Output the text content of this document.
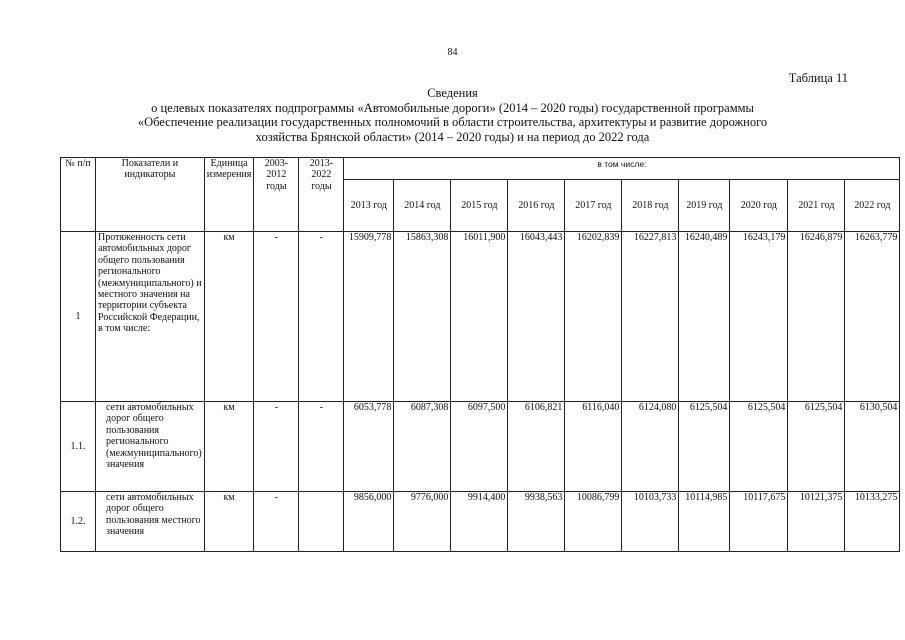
84
Таблица 11
Сведения
о целевых показателях подпрограммы «Автомобильные дороги» (2014 – 2020 годы) государственной программы
«Обеспечение реализации государственных полномочий в области строительства, архитектуры и развитие дорожного
хозяйства Брянской области» (2014 – 2020 годы) и на период до 2022 года
№ п/п	Показатели и индикаторы	Единица измерения	2003-2012 годы	2013-2022 годы	в том числе:									
					2013 год	2014 год	2015 год	2016 год	2017 год	2018 год	2019 год	2020 год	2021 год	2022 год
1	Протяженность сети автомобильных дорог общего пользования регионального (межмуниципального) и местного значения на территории субъекта Российской Федерации, в том числе:	км	-	-	15909,778	15863,308	16011,900	16043,443	16202,839	16227,813	16240,489	16243,179	16246,879	16263,779
1.1.	сети автомобильных дорог общего пользования регионального (межмуниципального) значения	км	-	-	6053,778	6087,308	6097,500	6106,821	6116,040	6124,080	6125,504	6125,504	6125,504	6130,504
1.2.	сети автомобильных дорог общего пользования местного значения	км	-		9856,000	9776,000	9914,400	9938,563	10086,799	10103,733	10114,985	10117,675	10121,375	10133,275
